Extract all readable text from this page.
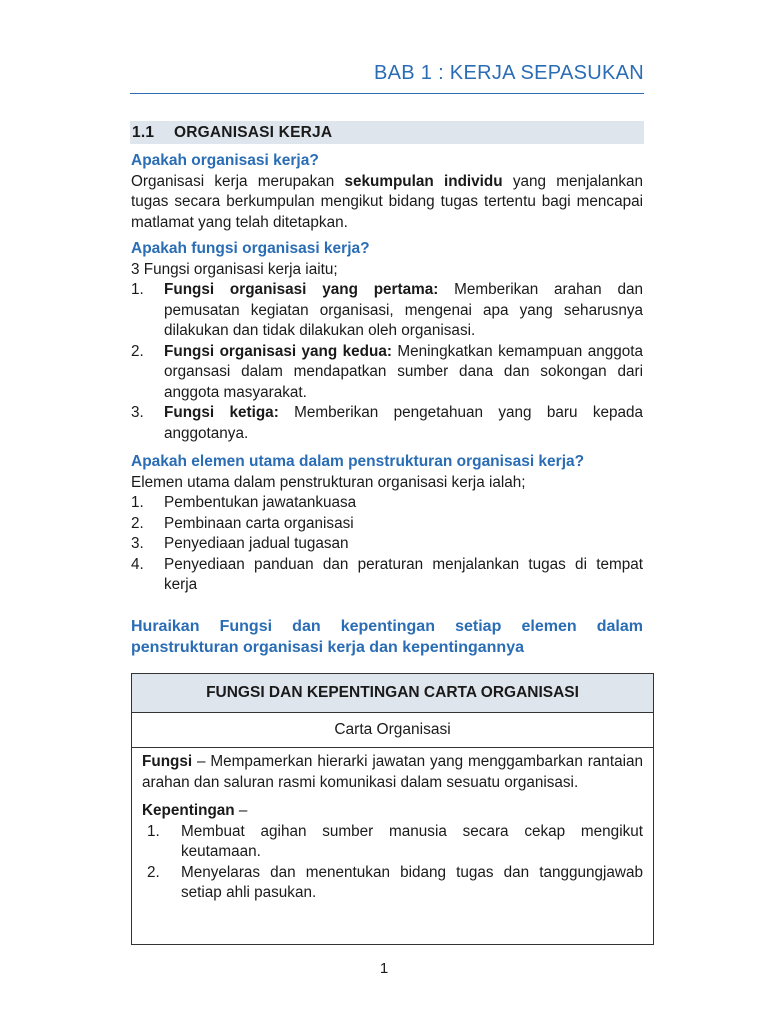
BAB 1 : KERJA SEPASUKAN
1.1 ORGANISASI KERJA

Apakah organisasi kerja?

Organisasi kerja merupakan sekumpulan individu yang menjalankan tugas secara berkumpulan mengikut bidang tugas tertentu bagi mencapai matlamat yang telah ditetapkan.

Apakah fungsi organisasi kerja?

3 Fungsi organisasi kerja iaitu;

1. Fungsi organisasi yang pertama: Memberikan arahan dan pemusatan kegiatan organisasi, mengenai apa yang seharusnya dilakukan dan tidak dilakukan oleh organisasi.
2. Fungsi organisasi yang kedua: Meningkatkan kemampuan anggota organsasi dalam mendapatkan sumber dana dan sokongan dari anggota masyarakat.
3. Fungsi ketiga: Memberikan pengetahuan yang baru kepada anggotanya.

Apakah elemen utama dalam penstrukturan organisasi kerja?

Elemen utama dalam penstrukturan organisasi kerja ialah;

1. Pembentukan jawatankuasa
2. Pembinaan carta organisasi
3. Penyediaan jadual tugasan
4. Penyediaan panduan dan peraturan menjalankan tugas di tempat kerja

Huraikan Fungsi dan kepentingan setiap elemen dalam penstrukturan organisasi kerja dan kepentingannya

FUNGSI DAN KEPENTINGAN CARTA ORGANISASI
Carta Organisasi

Fungsi – Mempamerkan hierarki jawatan yang menggambarkan rantaian arahan dan saluran rasmi komunikasi dalam sesuatu organisasi.

Kepentingan –

1. Membuat agihan sumber manusia secara cekap mengikut keutamaan.
2. Menyelaras dan menentukan bidang tugas dan tanggungjawab setiap ahli pasukan.
1
